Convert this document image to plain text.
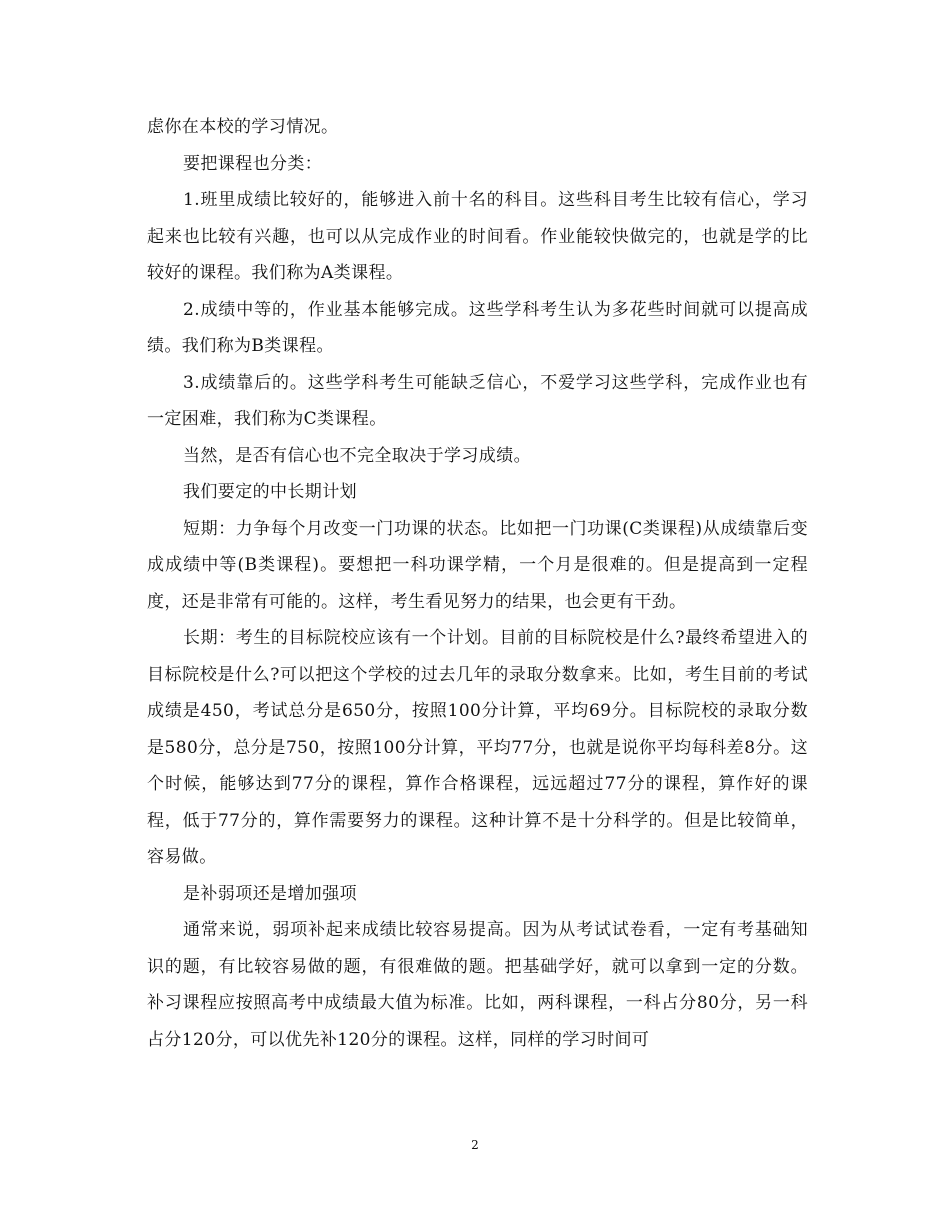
虑你在本校的学习情况。

要把课程也分类：

1.班里成绩比较好的，能够进入前十名的科目。这些科目考生比较有信心，学习起来也比较有兴趣，也可以从完成作业的时间看。作业能较快做完的，也就是学的比较好的课程。我们称为A类课程。

2.成绩中等的，作业基本能够完成。这些学科考生认为多花些时间就可以提高成绩。我们称为B类课程。

3.成绩靠后的。这些学科考生可能缺乏信心，不爱学习这些学科，完成作业也有一定困难，我们称为C类课程。

当然，是否有信心也不完全取决于学习成绩。

我们要定的中长期计划

短期：力争每个月改变一门功课的状态。比如把一门功课(C类课程)从成绩靠后变成成绩中等(B类课程)。要想把一科功课学精，一个月是很难的。但是提高到一定程度，还是非常有可能的。这样，考生看见努力的结果，也会更有干劲。

长期：考生的目标院校应该有一个计划。目前的目标院校是什么?最终希望进入的目标院校是什么?可以把这个学校的过去几年的录取分数拿来。比如，考生目前的考试成绩是450，考试总分是650分，按照100分计算，平均69分。目标院校的录取分数是580分，总分是750，按照100分计算，平均77分，也就是说你平均每科差8分。这个时候，能够达到77分的课程，算作合格课程，远远超过77分的课程，算作好的课程，低于77分的，算作需要努力的课程。这种计算不是十分科学的。但是比较简单，容易做。

是补弱项还是增加强项

通常来说，弱项补起来成绩比较容易提高。因为从考试试卷看，一定有考基础知识的题，有比较容易做的题，有很难做的题。把基础学好，就可以拿到一定的分数。补习课程应按照高考中成绩最大值为标准。比如，两科课程，一科占分80分，另一科占分120分，可以优先补120分的课程。这样，同样的学习时间可

2
